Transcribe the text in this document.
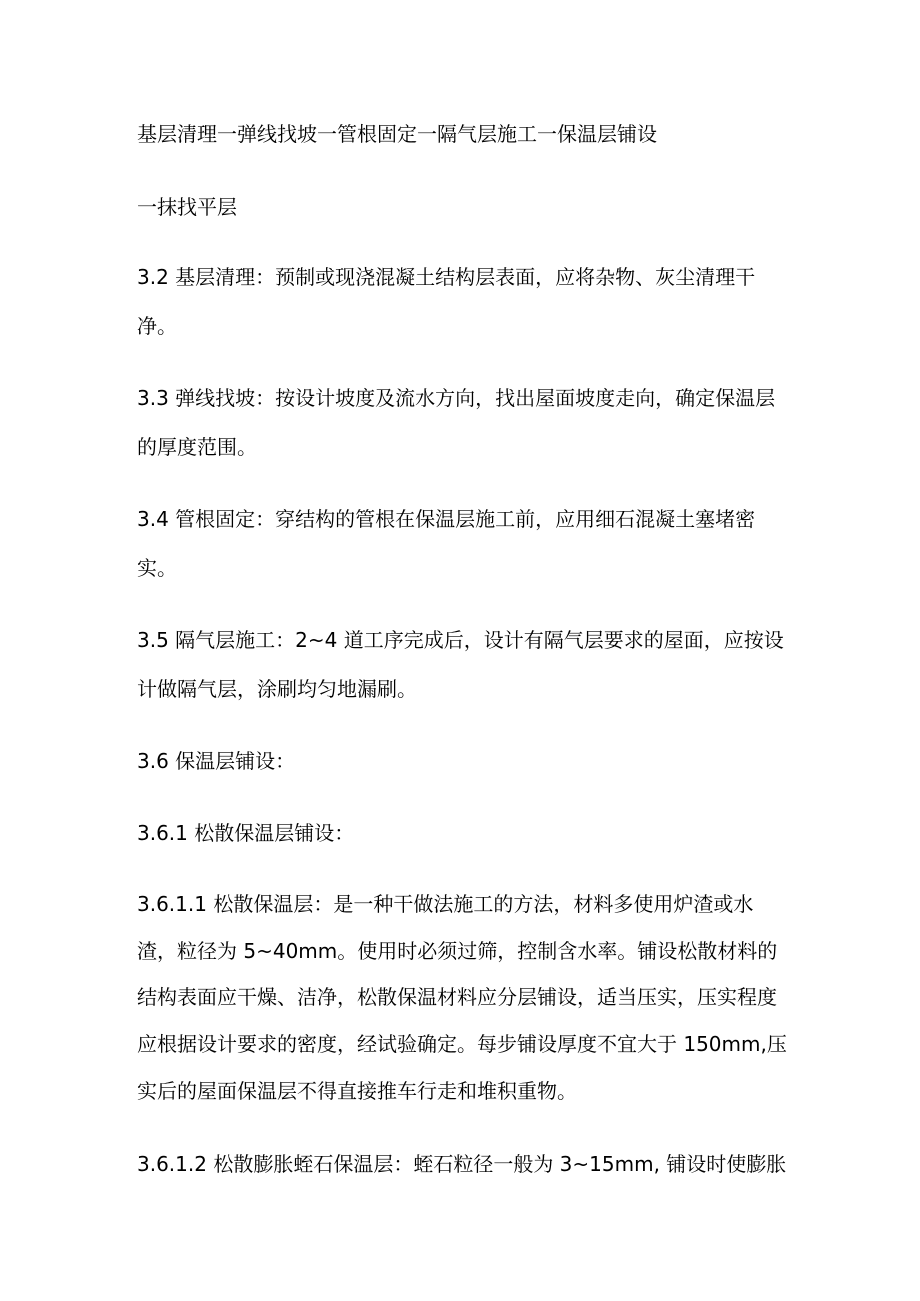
基层清理一弹线找坡一管根固定一隔气层施工一保温层铺设
一抹找平层
3.2 基层清理：预制或现浇混凝土结构层表面，应将杂物、灰尘清理干
净。
3.3 弹线找坡：按设计坡度及流水方向，找出屋面坡度走向，确定保温层
的厚度范围。
3.4 管根固定：穿结构的管根在保温层施工前，应用细石混凝土塞堵密
实。
3.5 隔气层施工：2~4 道工序完成后，设计有隔气层要求的屋面，应按设
计做隔气层，涂刷均匀地漏刷。
3.6 保温层铺设：
3.6.1 松散保温层铺设：
3.6.1.1 松散保温层：是一种干做法施工的方法，材料多使用炉渣或水
渣，粒径为 5~40mm。使用时必须过筛，控制含水率。铺设松散材料的
结构表面应干燥、洁净，松散保温材料应分层铺设，适当压实，压实程度
应根据设计要求的密度，经试验确定。每步铺设厚度不宜大于 150mm,压
实后的屋面保温层不得直接推车行走和堆积重物。
3.6.1.2 松散膨胀蛭石保温层：蛭石粒径一般为 3~15mm, 铺设时使膨胀
